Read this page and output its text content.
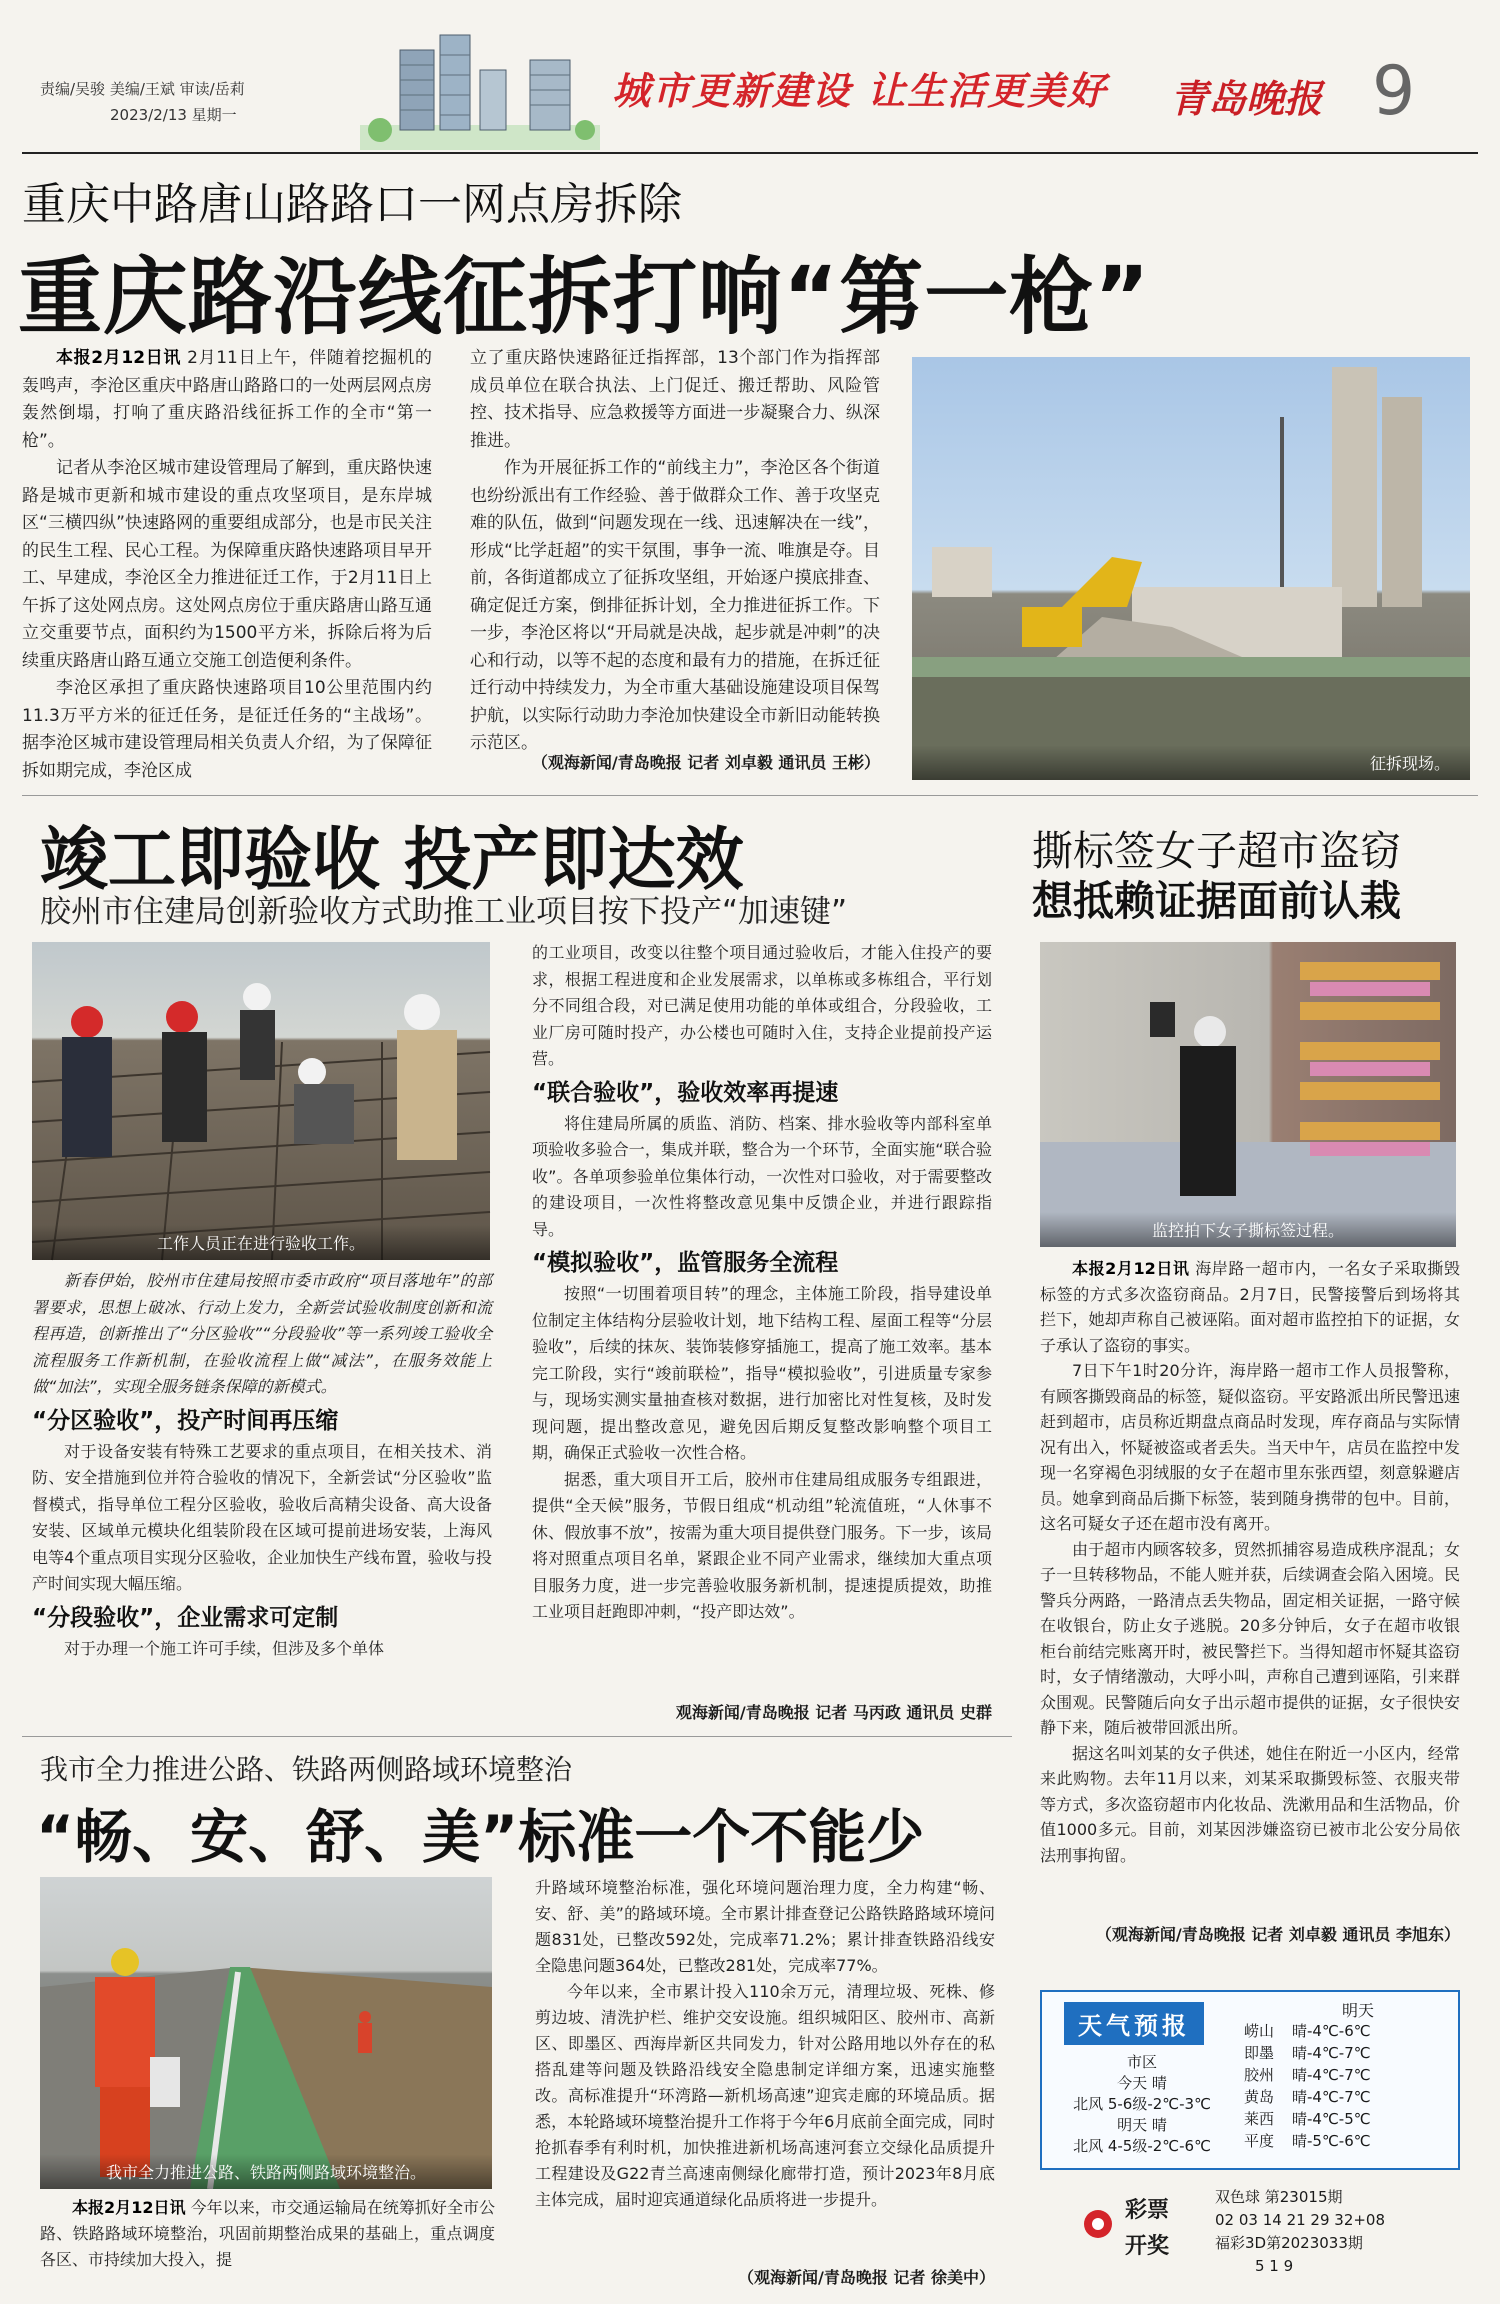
责编/吴骏 美编/王斌 审读/岳莉
2023/2/13 星期一
城市更新建设 让生活更美好 青岛晚报 9
重庆中路唐山路路口一网点房拆除
重庆路沿线征拆打响“第一枪”

本报2月12日讯 2月11日上午，伴随着挖掘机的轰鸣声，李沧区重庆中路唐山路路口的一处两层网点房轰然倒塌，打响了重庆路沿线征拆工作的全市“第一枪”。

记者从李沧区城市建设管理局了解到，重庆路快速路是城市更新和城市建设的重点攻坚项目，是东岸城区“三横四纵”快速路网的重要组成部分，也是市民关注的民生工程、民心工程。为保障重庆路快速路项目早开工、早建成，李沧区全力推进征迁工作，于2月11日上午拆了这处网点房。这处网点房位于重庆路唐山路互通立交重要节点，面积约为1500平方米，拆除后将为后续重庆路唐山路互通立交施工创造便利条件。

李沧区承担了重庆路快速路项目10公里范围内约11.3万平方米的征迁任务，是征迁任务的“主战场”。据李沧区城市建设管理局相关负责人介绍，为了保障征拆如期完成，李沧区成

立了重庆路快速路征迁指挥部，13个部门作为指挥部成员单位在联合执法、上门促迁、搬迁帮助、风险管控、技术指导、应急救援等方面进一步凝聚合力、纵深推进。

作为开展征拆工作的“前线主力”，李沧区各个街道也纷纷派出有工作经验、善于做群众工作、善于攻坚克难的队伍，做到“问题发现在一线、迅速解决在一线”，形成“比学赶超”的实干氛围，事争一流、唯旗是夺。目前，各街道都成立了征拆攻坚组，开始逐户摸底排查、确定促迁方案，倒排征拆计划，全力推进征拆工作。下一步，李沧区将以“开局就是决战，起步就是冲刺”的决心和行动，以等不起的态度和最有力的措施，在拆迁征迁行动中持续发力，为全市重大基础设施建设项目保驾护航，以实际行动助力李沧加快建设全市新旧动能转换示范区。

（观海新闻/青岛晚报 记者 刘卓毅 通讯员 王彬）	征拆现场。
竣工即验收 投产即达效
胶州市住建局创新验收方式助推工业项目按下投产“加速键”
工作人员正在进行验收工作。

新春伊始，胶州市住建局按照市委市政府“项目落地年”的部署要求，思想上破冰、行动上发力，全新尝试验收制度创新和流程再造，创新推出了“分区验收”“分段验收”等一系列竣工验收全流程服务工作新机制，在验收流程上做“减法”，在服务效能上做“加法”，实现全服务链条保障的新模式。

“分区验收”，投产时间再压缩

对于设备安装有特殊工艺要求的重点项目，在相关技术、消防、安全措施到位并符合验收的情况下，全新尝试“分区验收”监督模式，指导单位工程分区验收，验收后高精尖设备、高大设备安装、区域单元模块化组装阶段在区域可提前进场安装，上海风电等4个重点项目实现分区验收，企业加快生产线布置，验收与投产时间实现大幅压缩。

“分段验收”，企业需求可定制

对于办理一个施工许可手续，但涉及多个单体

的工业项目，改变以往整个项目通过验收后，才能入住投产的要求，根据工程进度和企业发展需求，以单栋或多栋组合，平行划分不同组合段，对已满足使用功能的单体或组合，分段验收，工业厂房可随时投产，办公楼也可随时入住，支持企业提前投产运营。

“联合验收”，验收效率再提速

将住建局所属的质监、消防、档案、排水验收等内部科室单项验收多验合一，集成并联，整合为一个环节，全面实施“联合验收”。各单项参验单位集体行动，一次性对口验收，对于需要整改的建设项目，一次性将整改意见集中反馈企业，并进行跟踪指导。

“模拟验收”，监管服务全流程

按照“一切围着项目转”的理念，主体施工阶段，指导建设单位制定主体结构分层验收计划，地下结构工程、屋面工程等“分层验收”，后续的抹灰、装饰装修穿插施工，提高了施工效率。基本完工阶段，实行“竣前联检”，指导“模拟验收”，引进质量专家参与，现场实测实量抽查核对数据，进行加密比对性复核，及时发现问题，提出整改意见，避免因后期反复整改影响整个项目工期，确保正式验收一次性合格。

据悉，重大项目开工后，胶州市住建局组成服务专组跟进，提供“全天候”服务，节假日组成“机动组”轮流值班，“人休事不休、假放事不放”，按需为重大项目提供登门服务。下一步，该局将对照重点项目名单，紧跟企业不同产业需求，继续加大重点项目服务力度，进一步完善验收服务新机制，提速提质提效，助推工业项目赶跑即冲刺，“投产即达效”。

观海新闻/青岛晚报 记者 马丙政 通讯员 史群
撕标签女子超市盗窃
想抵赖证据面前认栽
监控拍下女子撕标签过程。

本报2月12日讯 海岸路一超市内，一名女子采取撕毁标签的方式多次盗窃商品。2月7日，民警接警后到场将其拦下，她却声称自己被诬陷。面对超市监控拍下的证据，女子承认了盗窃的事实。

7日下午1时20分许，海岸路一超市工作人员报警称，有顾客撕毁商品的标签，疑似盗窃。平安路派出所民警迅速赶到超市，店员称近期盘点商品时发现，库存商品与实际情况有出入，怀疑被盗或者丢失。当天中午，店员在监控中发现一名穿褐色羽绒服的女子在超市里东张西望，刻意躲避店员。她拿到商品后撕下标签，装到随身携带的包中。目前，这名可疑女子还在超市没有离开。

由于超市内顾客较多，贸然抓捕容易造成秩序混乱；女子一旦转移物品，不能人赃并获，后续调查会陷入困境。民警兵分两路，一路清点丢失物品，固定相关证据，一路守候在收银台，防止女子逃脱。20多分钟后，女子在超市收银柜台前结完账离开时，被民警拦下。当得知超市怀疑其盗窃时，女子情绪激动，大呼小叫，声称自己遭到诬陷，引来群众围观。民警随后向女子出示超市提供的证据，女子很快安静下来，随后被带回派出所。

据这名叫刘某的女子供述，她住在附近一小区内，经常来此购物。去年11月以来，刘某采取撕毁标签、衣服夹带等方式，多次盗窃超市内化妆品、洗漱用品和生活物品，价值1000多元。目前，刘某因涉嫌盗窃已被市北公安分局依法刑事拘留。

（观海新闻/青岛晚报 记者 刘卓毅 通讯员 李旭东）
我市全力推进公路、铁路两侧路域环境整治
“畅、安、舒、美”标准一个不能少
我市全力推进公路、铁路两侧路域环境整治。

本报2月12日讯 今年以来，市交通运输局在统筹抓好全市公路、铁路路域环境整治，巩固前期整治成果的基础上，重点调度各区、市持续加大投入，提

升路域环境整治标准，强化环境问题治理力度，全力构建“畅、安、舒、美”的路域环境。全市累计排查登记公路铁路路域环境问题831处，已整改592处，完成率71.2%；累计排查铁路沿线安全隐患问题364处，已整改281处，完成率77%。

今年以来，全市累计投入110余万元，清理垃圾、死株、修剪边坡、清洗护栏、维护交安设施。组织城阳区、胶州市、高新区、即墨区、西海岸新区共同发力，针对公路用地以外存在的私搭乱建等问题及铁路沿线安全隐患制定详细方案，迅速实施整改。高标准提升“环湾路—新机场高速”迎宾走廊的环境品质。据悉，本轮路域环境整治提升工作将于今年6月底前全面完成，同时抢抓春季有利时机，加快推进新机场高速河套立交绿化品质提升工程建设及G22青兰高速南侧绿化廊带打造，预计2023年8月底主体完成，届时迎宾通道绿化品质将进一步提升。

（观海新闻/青岛晚报 记者 徐美中）
天气预报
明天
市区
今天 晴
北风 5-6级-2℃-3℃
明天 晴
北风 4-5级-2℃-6℃
崂山 晴-4℃-6℃
即墨 晴-4℃-7℃
胶州 晴-4℃-7℃
黄岛 晴-4℃-7℃
莱西 晴-4℃-5℃
平度 晴-5℃-6℃
彩票
开奖
双色球 第23015期
02 03 14 21 29 32+08
福彩3D第2023033期
5 1 9
